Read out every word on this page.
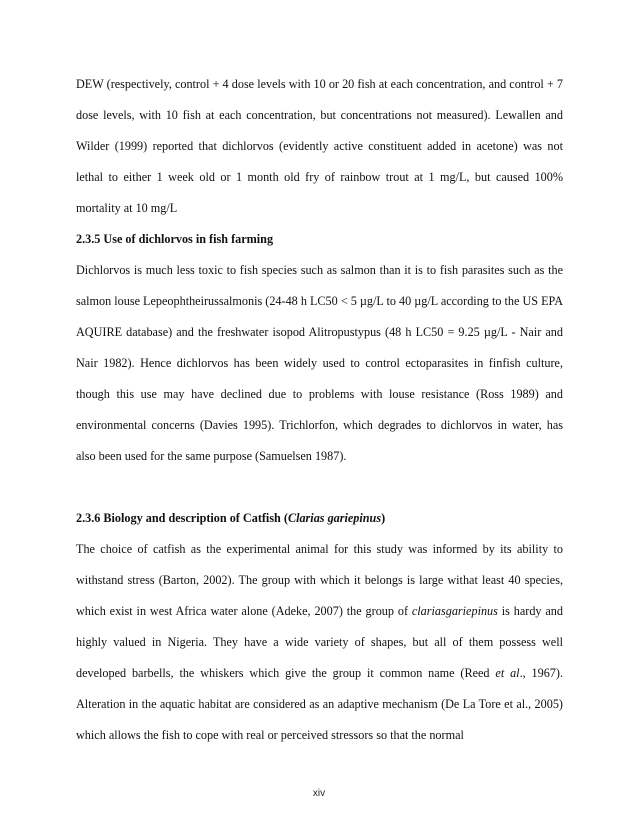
DEW (respectively, control + 4 dose levels with 10 or 20 fish at each concentration, and control + 7 dose levels, with 10 fish at each concentration, but concentrations not measured). Lewallen and Wilder (1999) reported that dichlorvos (evidently active constituent added in acetone) was not lethal to either 1 week old or 1 month old fry of rainbow trout at 1 mg/L, but caused 100% mortality at 10 mg/L

2.3.5 Use of dichlorvos in fish farming

Dichlorvos is much less toxic to fish species such as salmon than it is to fish parasites such as the salmon louse Lepeophtheirussalmonis (24-48 h LC50 < 5 µg/L to 40 µg/L according to the US EPA AQUIRE database) and the freshwater isopod Alitropustypus (48 h LC50 = 9.25 µg/L - Nair and Nair 1982). Hence dichlorvos has been widely used to control ectoparasites in finfish culture, though this use may have declined due to problems with louse resistance (Ross 1989) and environmental concerns (Davies 1995). Trichlorfon, which degrades to dichlorvos in water, has also been used for the same purpose (Samuelsen 1987).

2.3.6 Biology and description of Catfish (Clarias gariepinus)

The choice of catfish as the experimental animal for this study was informed by its ability to withstand stress (Barton, 2002). The group with which it belongs is large withat least 40 species, which exist in west Africa water alone (Adeke, 2007) the group of clariasgariepinus is hardy and highly valued in Nigeria. They have a wide variety of shapes, but all of them possess well developed barbells, the whiskers which give the group it common name (Reed et al., 1967). Alteration in the aquatic habitat are considered as an adaptive mechanism (De La Tore et al., 2005) which allows the fish to cope with real or perceived stressors so that the normal

xiv
